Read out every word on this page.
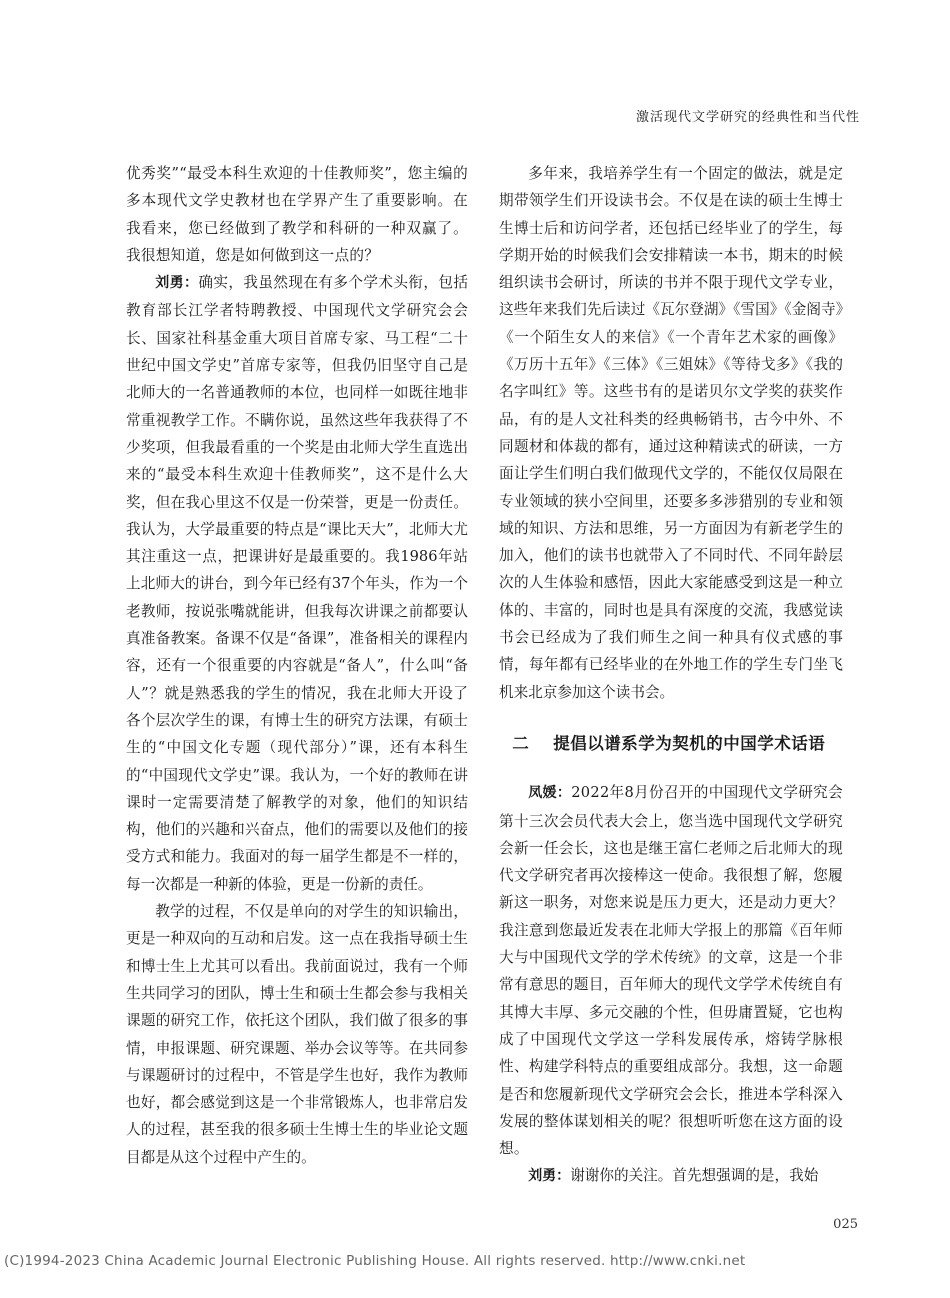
激活现代文学研究的经典性和当代性

优秀奖”“最受本科生欢迎的十佳教师奖”，您主编的多本现代文学史教材也在学界产生了重要影响。在我看来，您已经做到了教学和科研的一种双赢了。我很想知道，您是如何做到这一点的？

刘勇：确实，我虽然现在有多个学术头衔，包括教育部长江学者特聘教授、中国现代文学研究会会长、国家社科基金重大项目首席专家、马工程“二十世纪中国文学史”首席专家等，但我仍旧坚守自己是北师大的一名普通教师的本位，也同样一如既往地非常重视教学工作。不瞒你说，虽然这些年我获得了不少奖项，但我最看重的一个奖是由北师大学生直选出来的“最受本科生欢迎十佳教师奖”，这不是什么大奖，但在我心里这不仅是一份荣誉，更是一份责任。我认为，大学最重要的特点是“课比天大”，北师大尤其注重这一点，把课讲好是最重要的。我1986年站上北师大的讲台，到今年已经有37个年头，作为一个老教师，按说张嘴就能讲，但我每次讲课之前都要认真准备教案。备课不仅是“备课”，准备相关的课程内容，还有一个很重要的内容就是“备人”，什么叫“备人”？就是熟悉我的学生的情况，我在北师大开设了各个层次学生的课，有博士生的研究方法课，有硕士生的“中国文化专题（现代部分）”课，还有本科生的“中国现代文学史”课。我认为，一个好的教师在讲课时一定需要清楚了解教学的对象，他们的知识结构，他们的兴趣和兴奋点，他们的需要以及他们的接受方式和能力。我面对的每一届学生都是不一样的，每一次都是一种新的体验，更是一份新的责任。

教学的过程，不仅是单向的对学生的知识输出，更是一种双向的互动和启发。这一点在我指导硕士生和博士生上尤其可以看出。我前面说过，我有一个师生共同学习的团队，博士生和硕士生都会参与我相关课题的研究工作，依托这个团队，我们做了很多的事情，申报课题、研究课题、举办会议等等。在共同参与课题研讨的过程中，不管是学生也好，我作为教师也好，都会感觉到这是一个非常锻炼人，也非常启发人的过程，甚至我的很多硕士生博士生的毕业论文题目都是从这个过程中产生的。

多年来，我培养学生有一个固定的做法，就是定期带领学生们开设读书会。不仅是在读的硕士生博士生博士后和访问学者，还包括已经毕业了的学生，每学期开始的时候我们会安排精读一本书，期末的时候组织读书会研讨，所读的书并不限于现代文学专业，这些年来我们先后读过《瓦尔登湖》《雪国》《金阁寺》《一个陌生女人的来信》《一个青年艺术家的画像》《万历十五年》《三体》《三姐妹》《等待戈多》《我的名字叫红》等。这些书有的是诺贝尔文学奖的获奖作品，有的是人文社科类的经典畅销书，古今中外、不同题材和体裁的都有，通过这种精读式的研读，一方面让学生们明白我们做现代文学的，不能仅仅局限在专业领域的狭小空间里，还要多多涉猎别的专业和领域的知识、方法和思维，另一方面因为有新老学生的加入，他们的读书也就带入了不同时代、不同年龄层次的人生体验和感悟，因此大家能感受到这是一种立体的、丰富的，同时也是具有深度的交流，我感觉读书会已经成为了我们师生之间一种具有仪式感的事情，每年都有已经毕业的在外地工作的学生专门坐飞机来北京参加这个读书会。

二 提倡以谱系学为契机的中国学术话语

凤媛：2022年8月份召开的中国现代文学研究会第十三次会员代表大会上，您当选中国现代文学研究会新一任会长，这也是继王富仁老师之后北师大的现代文学研究者再次接棒这一使命。我很想了解，您履新这一职务，对您来说是压力更大，还是动力更大？我注意到您最近发表在北师大学报上的那篇《百年师大与中国现代文学的学术传统》的文章，这是一个非常有意思的题目，百年师大的现代文学学术传统自有其博大丰厚、多元交融的个性，但毋庸置疑，它也构成了中国现代文学这一学科发展传承，熔铸学脉根性、构建学科特点的重要组成部分。我想，这一命题是否和您履新现代文学研究会会长，推进本学科深入发展的整体谋划相关的呢？很想听听您在这方面的设想。

刘勇：谢谢你的关注。首先想强调的是，我始

025
(C)1994-2023 China Academic Journal Electronic Publishing House. All rights reserved. http://www.cnki.net
